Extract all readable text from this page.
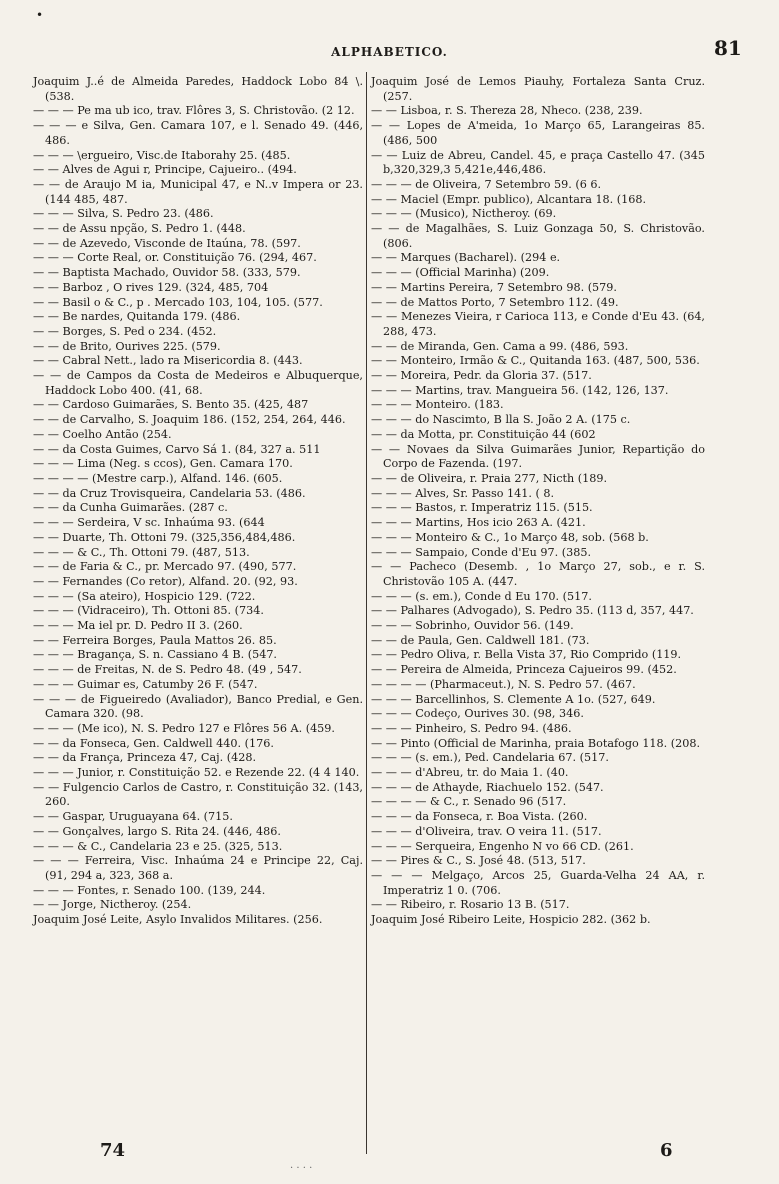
•
ALPHABETICO.	81

Joaquim J..é de Almeida Paredes, Haddock Lobo 84 \. (538.

— — — Pe ma ub ico, trav. Flôres 3, S. Christovão. (2 12.

— — — e Silva, Gen. Camara 107, e l. Senado 49. (446, 486.

— — — \ergueiro, Visc.de Itaborahy 25. (485.

— — Alves de Agui r, Principe, Cajueiro.. (494.

— — de Araujo M ia, Municipal 47, e N..v Impera or 23. (144 485, 487.

— — — Silva, S. Pedro 23. (486.

— — de Assu npção, S. Pedro 1. (448.

— — de Azevedo, Visconde de Itaúna, 78. (597.

— — — Corte Real, or. Constituição 76. (294, 467.

— — Baptista Machado, Ouvidor 58. (333, 579.

— — Barboz , O rives 129. (324, 485, 704

— — Basil o & C., p . Mercado 103, 104, 105. (577.

— — Be nardes, Quitanda 179. (486.

— — Borges, S. Ped o 234. (452.

— — de Brito, Ourives 225. (579.

— — Cabral Nett., lado ra Misericordia 8. (443.

— — de Campos da Costa de Medeiros e Albuquerque, Haddock Lobo 400. (41, 68.

— — Cardoso Guimarães, S. Bento 35. (425, 487

— — de Carvalho, S. Joaquim 186. (152, 254, 264, 446.

— — Coelho Antão (254.

— — da Costa Guimes, Carvo Sá 1. (84, 327 a. 511

— — — Lima (Neg. s ccos), Gen. Camara 170.

— — — — (Mestre carp.), Alfand. 146. (605.

— — da Cruz Trovisqueira, Candelaria 53. (486.

— — da Cunha Guimarães. (287 c.

— — — Serdeira, V sc. Inhaúma 93. (644

— — Duarte, Th. Ottoni 79. (325,356,484,486.

— — — & C., Th. Ottoni 79. (487, 513.

— — de Faria & C., pr. Mercado 97. (490, 577.

— — Fernandes (Co retor), Alfand. 20. (92, 93.

— — — (Sa ateiro), Hospicio 129. (722.

— — — (Vidraceiro), Th. Ottoni 85. (734.

— — — Ma iel pr. D. Pedro II 3. (260.

— — Ferreira Borges, Paula Mattos 26. 85.

— — — Bragança, S. n. Cassiano 4 B. (547.

— — — de Freitas, N. de S. Pedro 48. (49 , 547.

— — — Guimar es, Catumby 26 F. (547.

— — — de Figueiredo (Avaliador), Banco Predial, e Gen. Camara 320. (98.

— — — (Me ico), N. S. Pedro 127 e Flôres 56 A. (459.

— — da Fonseca, Gen. Caldwell 440. (176.

— — da França, Princeza 47, Caj. (428.

— — — Junior, r. Constituição 52. e Rezende 22. (4 4 140.

— — Fulgencio Carlos de Castro, r. Constituição 32. (143, 260.

— — Gaspar, Uruguayana 64. (715.

— — Gonçalves, largo S. Rita 24. (446, 486.

— — — & C., Candelaria 23 e 25. (325, 513.

— — — Ferreira, Visc. Inhaúma 24 e Principe 22, Caj. (91, 294 a, 323, 368 a.

— — — Fontes, r. Senado 100. (139, 244.

— — Jorge, Nictheroy. (254.

Joaquim José Leite, Asylo Invalidos Militares. (256.

Joaquim José de Lemos Piauhy, Fortaleza Santa Cruz. (257.

— — Lisboa, r. S. Thereza 28, Nheco. (238, 239.

— — Lopes de A'meida, 1o Março 65, Larangeiras 85. (486, 500

— — Luiz de Abreu, Candel. 45, e praça Castello 47. (345 b,320,329,3 5,421e,446,486.

— — — de Oliveira, 7 Setembro 59. (6 6.

— — Maciel (Empr. publico), Alcantara 18. (168.

— — — (Musico), Nictheroy. (69.

— — de Magalhães, S. Luiz Gonzaga 50, S. Christovão. (806.

— — Marques (Bacharel). (294 e.

— — — (Official Marinha) (209.

— — Martins Pereira, 7 Setembro 98. (579.

— — de Mattos Porto, 7 Setembro 112. (49.

— — Menezes Vieira, r Carioca 113, e Conde d'Eu 43. (64, 288, 473.

— — de Miranda, Gen. Cama a 99. (486, 593.

— — Monteiro, Irmão & C., Quitanda 163. (487, 500, 536.

— — Moreira, Pedr. da Gloria 37. (517.

— — — Martins, trav. Mangueira 56. (142, 126, 137.

— — — Monteiro. (183.

— — — do Nascimto, B lla S. João 2 A. (175 c.

— — da Motta, pr. Constituição 44 (602

— — Novaes da Silva Guimarães Junior, Repartição do Corpo de Fazenda. (197.

— — de Oliveira, r. Praia 277, Nicth (189.

— — — Alves, Sr. Passo 141. ( 8.

— — — Bastos, r. Imperatriz 115. (515.

— — — Martins, Hos icio 263 A. (421.

— — — Monteiro & C., 1o Março 48, sob. (568 b.

— — — Sampaio, Conde d'Eu 97. (385.

— — Pacheco (Desemb. , 1o Março 27, sob., e r. S. Christovão 105 A. (447.

— — — (s. em.), Conde d Eu 170. (517.

— — Palhares (Advogado), S. Pedro 35. (113 d, 357, 447.

— — — Sobrinho, Ouvidor 56. (149.

— — de Paula, Gen. Caldwell 181. (73.

— — Pedro Oliva, r. Bella Vista 37, Rio Comprido (119.

— — Pereira de Almeida, Princeza Cajueiros 99. (452.

— — — — (Pharmaceut.), N. S. Pedro 57. (467.

— — — Barcellinhos, S. Clemente A 1o. (527, 649.

— — — Codeço, Ourives 30. (98, 346.

— — — Pinheiro, S. Pedro 94. (486.

— — Pinto (Official de Marinha, praia Botafogo 118. (208.

— — — (s. em.), Ped. Candelaria 67. (517.

— — — d'Abreu, tr. do Maia 1. (40.

— — — de Athayde, Riachuelo 152. (547.

— — — — & C., r. Senado 96 (517.

— — — da Fonseca, r. Boa Vista. (260.

— — — d'Oliveira, trav. O veira 11. (517.

— — — Serqueira, Engenho N vo 66 CD. (261.

— — Pires & C., S. José 48. (513, 517.

— — — Melgaço, Arcos 25, Guarda-Velha 24 AA, r. Imperatriz 1 0. (706.

— — Ribeiro, r. Rosario 13 B. (517.

Joaquim José Ribeiro Leite, Hospicio 282. (362 b.

74	6
. . . .
